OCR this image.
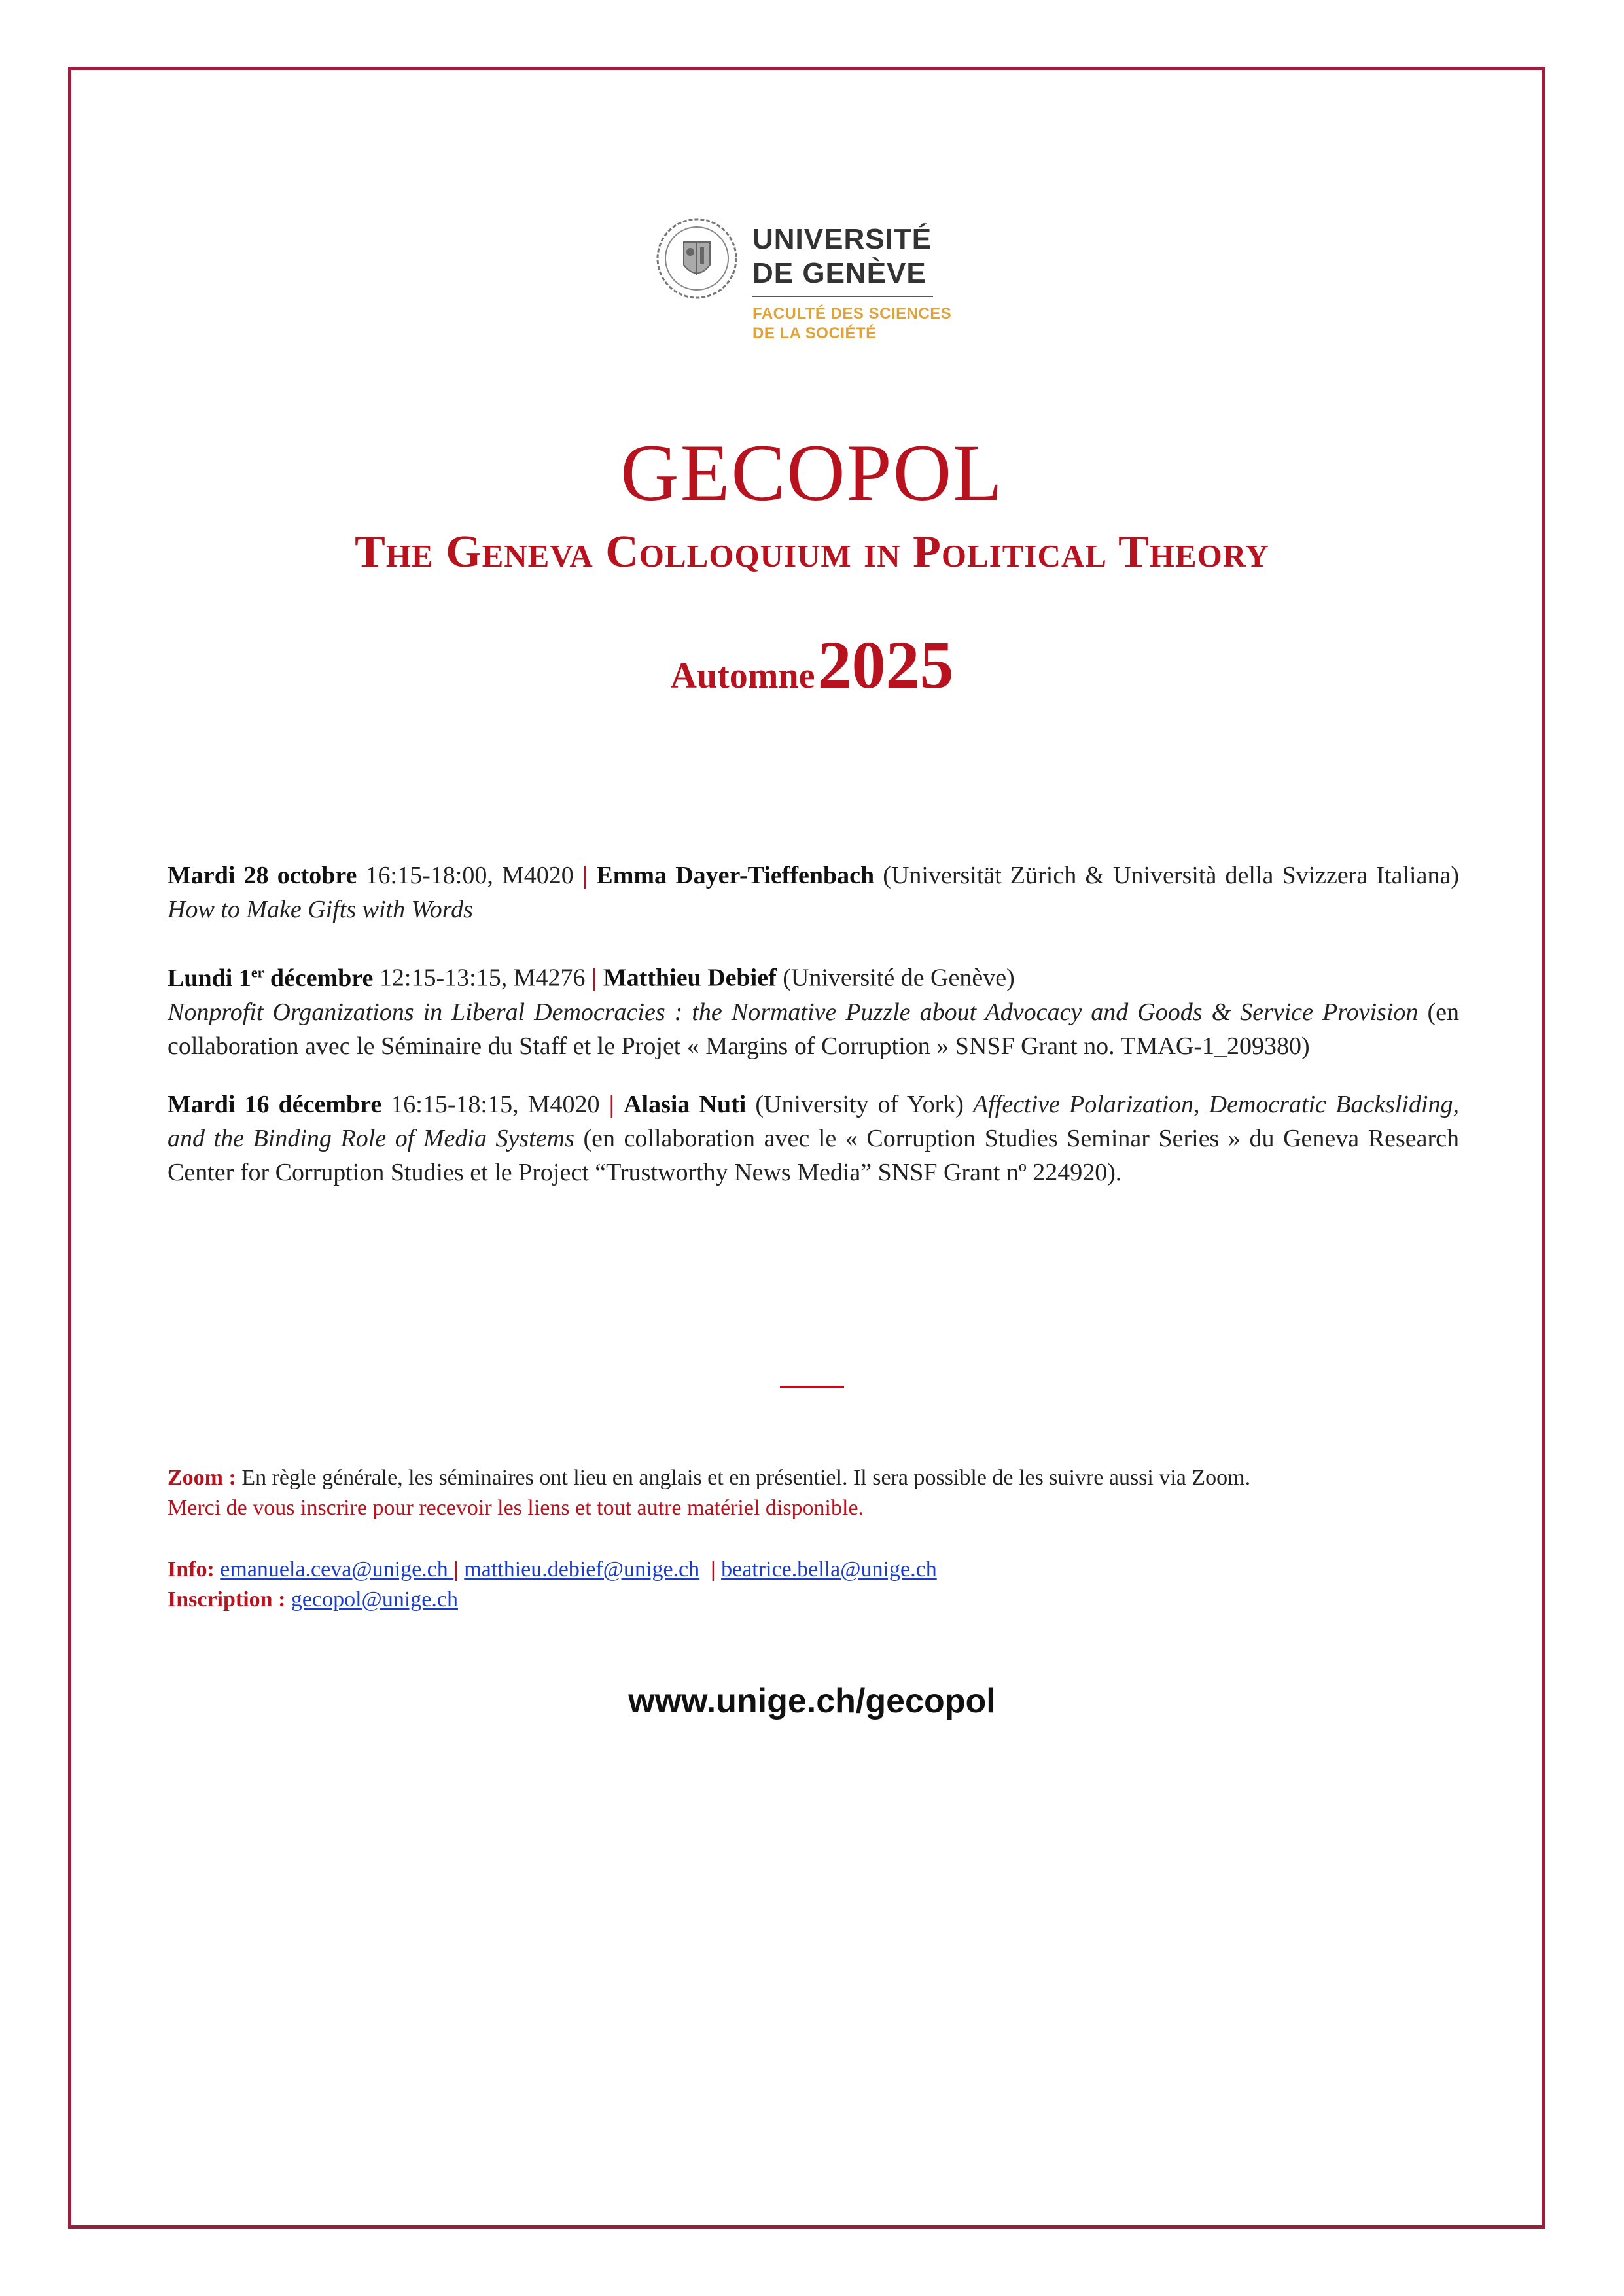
UNIVERSITÉ
DE GENÈVE
FACULTÉ DES SCIENCES
DE LA SOCIÉTÉ
GECOPOL
The Geneva Colloquium in Political Theory
Automne 2025
Mardi 28 octobre 16:15-18:00, M4020 | Emma Dayer-Tieffenbach (Universität Zürich & Università della Svizzera Italiana) How to Make Gifts with Words
Lundi 1er décembre 12:15-13:15, M4276 | Matthieu Debief (Université de Genève)
Nonprofit Organizations in Liberal Democracies : the Normative Puzzle about Advocacy and Goods & Service Provision (en collaboration avec le Séminaire du Staff et le Projet « Margins of Corruption » SNSF Grant no. TMAG-1_209380)
Mardi 16 décembre 16:15-18:15, M4020 | Alasia Nuti (University of York) Affective Polarization, Democratic Backsliding, and the Binding Role of Media Systems (en collaboration avec le « Corruption Studies Seminar Series » du Geneva Research Center for Corruption Studies et le Project “Trustworthy News Media” SNSF Grant nº 224920).
Zoom : En règle générale, les séminaires ont lieu en anglais et en présentiel. Il sera possible de les suivre aussi via Zoom.
Merci de vous inscrire pour recevoir les liens et tout autre matériel disponible.
Info: emanuela.ceva@unige.ch | matthieu.debief@unige.ch | beatrice.bella@unige.ch
Inscription : gecopol@unige.ch
www.unige.ch/gecopol
